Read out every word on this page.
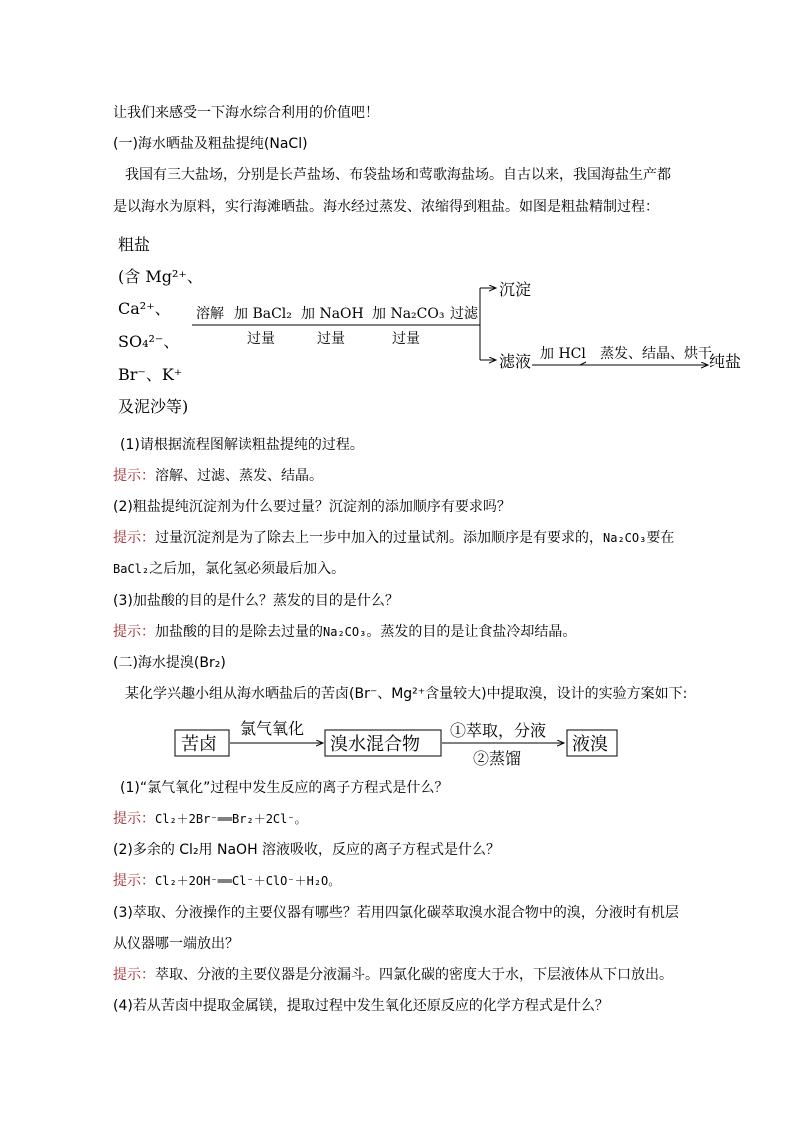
让我们来感受一下海水综合利用的价值吧！
(一)海水晒盐及粗盐提纯(NaCl)
我国有三大盐场，分别是长芦盐场、布袋盐场和莺歌海盐场。自古以来，我国海盐生产都
是以海水为原料，实行海滩晒盐。海水经过蒸发、浓缩得到粗盐。如图是粗盐精制过程：
粗盐
(含 Mg²⁺、
Ca²⁺、
SO₄²⁻、
Br⁻、K⁺
及泥沙等)
溶解 加 BaCl₂ 加 NaOH 加 Na₂CO₃ 过滤
过量	过量	过量
沉淀
滤液 加 HCl 蒸发、结晶、烘干
纯盐
(1)请根据流程图解读粗盐提纯的过程。
提示：溶解、过滤、蒸发、结晶。
(2)粗盐提纯沉淀剂为什么要过量？沉淀剂的添加顺序有要求吗？
提示：过量沉淀剂是为了除去上一步中加入的过量试剂。添加顺序是有要求的，Na₂CO₃要在
BaCl₂之后加，氯化氢必须最后加入。
(3)加盐酸的目的是什么？蒸发的目的是什么？
提示：加盐酸的目的是除去过量的Na₂CO₃。蒸发的目的是让食盐冷却结晶。
(二)海水提溴(Br₂)
某化学兴趣小组从海水晒盐后的苦卤(Br⁻、Mg²⁺含量较大)中提取溴，设计的实验方案如下:
苦卤
氯气氧化
溴水混合物
①萃取，分液
②蒸馏
液溴
(1)“氯气氧化”过程中发生反应的离子方程式是什么？
提示：Cl₂＋2Br⁻══Br₂＋2Cl⁻。
(2)多余的 Cl₂用 NaOH 溶液吸收，反应的离子方程式是什么？
提示：Cl₂＋2OH⁻══Cl⁻＋ClO⁻＋H₂O。
(3)萃取、分液操作的主要仪器有哪些？若用四氯化碳萃取溴水混合物中的溴，分液时有机层
从仪器哪一端放出？
提示：萃取、分液的主要仪器是分液漏斗。四氯化碳的密度大于水，下层液体从下口放出。
(4)若从苦卤中提取金属镁，提取过程中发生氧化还原反应的化学方程式是什么？
